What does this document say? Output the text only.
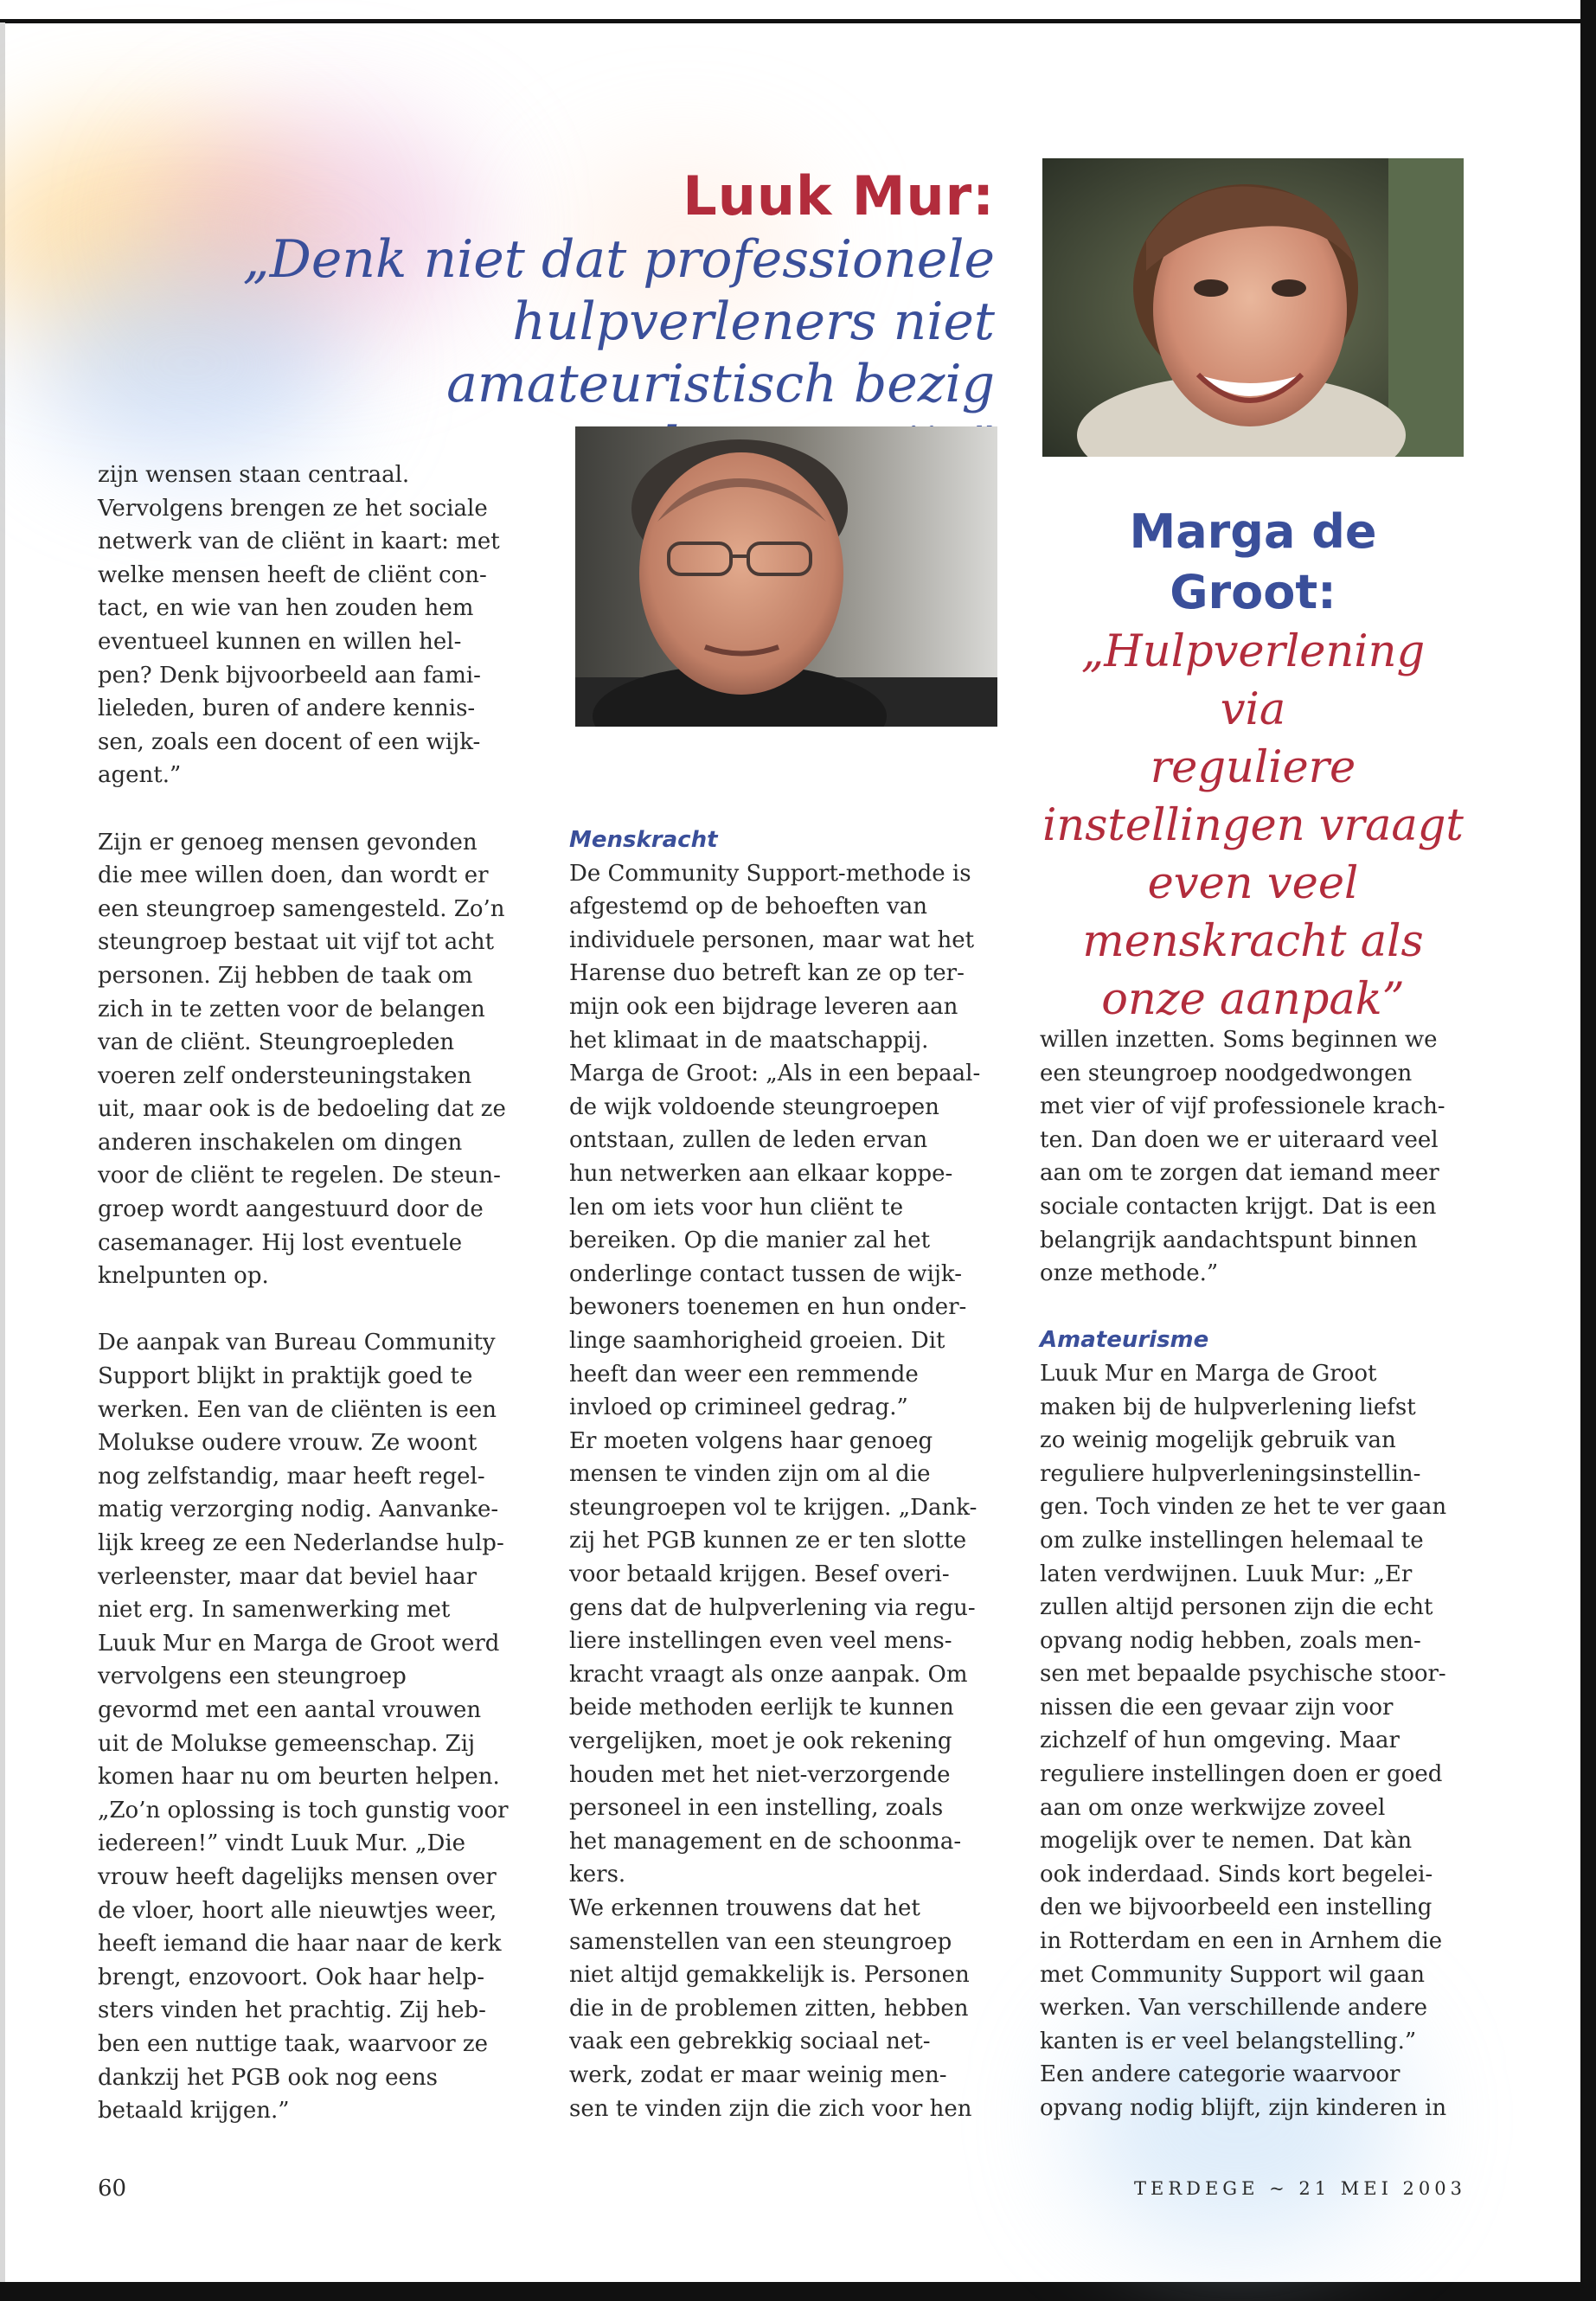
Luuk Mur:
„Denk niet dat professionele
hulpverleners niet amateuristisch bezig
Marga de Groot:
„Hulpverlening via
reguliere
instellingen vraagt
even veel
menskracht als
onze aanpak”

zijn wensen staan centraal.

Vervolgens brengen ze het sociale

netwerk van de cliënt in kaart: met

welke mensen heeft de cliënt con-

tact, en wie van hen zouden hem

eventueel kunnen en willen hel-

pen? Denk bijvoorbeeld aan fami-

lieleden, buren of andere kennis-

sen, zoals een docent of een wijk-

agent.”

Zijn er genoeg mensen gevonden

die mee willen doen, dan wordt er

een steungroep samengesteld. Zo’n

steungroep bestaat uit vijf tot acht

personen. Zij hebben de taak om

zich in te zetten voor de belangen

van de cliënt. Steungroepleden

voeren zelf ondersteuningstaken

uit, maar ook is de bedoeling dat ze

anderen inschakelen om dingen

voor de cliënt te regelen. De steun-

groep wordt aangestuurd door de

casemanager. Hij lost eventuele

knelpunten op.

De aanpak van Bureau Community

Support blijkt in praktijk goed te

werken. Een van de cliënten is een

Molukse oudere vrouw. Ze woont

nog zelfstandig, maar heeft regel-

matig verzorging nodig. Aanvanke-

lijk kreeg ze een Nederlandse hulp-

verleenster, maar dat beviel haar

niet erg. In samenwerking met

Luuk Mur en Marga de Groot werd

vervolgens een steungroep

gevormd met een aantal vrouwen

uit de Molukse gemeenschap. Zij

komen haar nu om beurten helpen.

„Zo’n oplossing is toch gunstig voor

iedereen!” vindt Luuk Mur. „Die

vrouw heeft dagelijks mensen over

de vloer, hoort alle nieuwtjes weer,

heeft iemand die haar naar de kerk

brengt, enzovoort. Ook haar help-

sters vinden het prachtig. Zij heb-

ben een nuttige taak, waarvoor ze

dankzij het PGB ook nog eens

betaald krijgen.”

Menskracht

De Community Support-methode is

afgestemd op de behoeften van

individuele personen, maar wat het

Harense duo betreft kan ze op ter-

mijn ook een bijdrage leveren aan

het klimaat in de maatschappij.

Marga de Groot: „Als in een bepaal-

de wijk voldoende steungroepen

ontstaan, zullen de leden ervan

hun netwerken aan elkaar koppe-

len om iets voor hun cliënt te

bereiken. Op die manier zal het

onderlinge contact tussen de wijk-

bewoners toenemen en hun onder-

linge saamhorigheid groeien. Dit

heeft dan weer een remmende

invloed op crimineel gedrag.”

Er moeten volgens haar genoeg

mensen te vinden zijn om al die

steungroepen vol te krijgen. „Dank-

zij het PGB kunnen ze er ten slotte

voor betaald krijgen. Besef overi-

gens dat de hulpverlening via regu-

liere instellingen even veel mens-

kracht vraagt als onze aanpak. Om

beide methoden eerlijk te kunnen

vergelijken, moet je ook rekening

houden met het niet-verzorgende

personeel in een instelling, zoals

het management en de schoonma-

kers.

We erkennen trouwens dat het

samenstellen van een steungroep

niet altijd gemakkelijk is. Personen

die in de problemen zitten, hebben

vaak een gebrekkig sociaal net-

werk, zodat er maar weinig men-

sen te vinden zijn die zich voor hen

willen inzetten. Soms beginnen we

een steungroep noodgedwongen

met vier of vijf professionele krach-

ten. Dan doen we er uiteraard veel

aan om te zorgen dat iemand meer

sociale contacten krijgt. Dat is een

belangrijk aandachtspunt binnen

onze methode.”

Amateurisme

Luuk Mur en Marga de Groot

maken bij de hulpverlening liefst

zo weinig mogelijk gebruik van

reguliere hulpverleningsinstellin-

gen. Toch vinden ze het te ver gaan

om zulke instellingen helemaal te

laten verdwijnen. Luuk Mur: „Er

zullen altijd personen zijn die echt

opvang nodig hebben, zoals men-

sen met bepaalde psychische stoor-

nissen die een gevaar zijn voor

zichzelf of hun omgeving. Maar

reguliere instellingen doen er goed

aan om onze werkwijze zoveel

mogelijk over te nemen. Dat kàn

ook inderdaad. Sinds kort begelei-

den we bijvoorbeeld een instelling

in Rotterdam en een in Arnhem die

met Community Support wil gaan

werken. Van verschillende andere

kanten is er veel belangstelling.”

Een andere categorie waarvoor

opvang nodig blijft, zijn kinderen in

60	TERDEGE ~ 21 MEI 2003
